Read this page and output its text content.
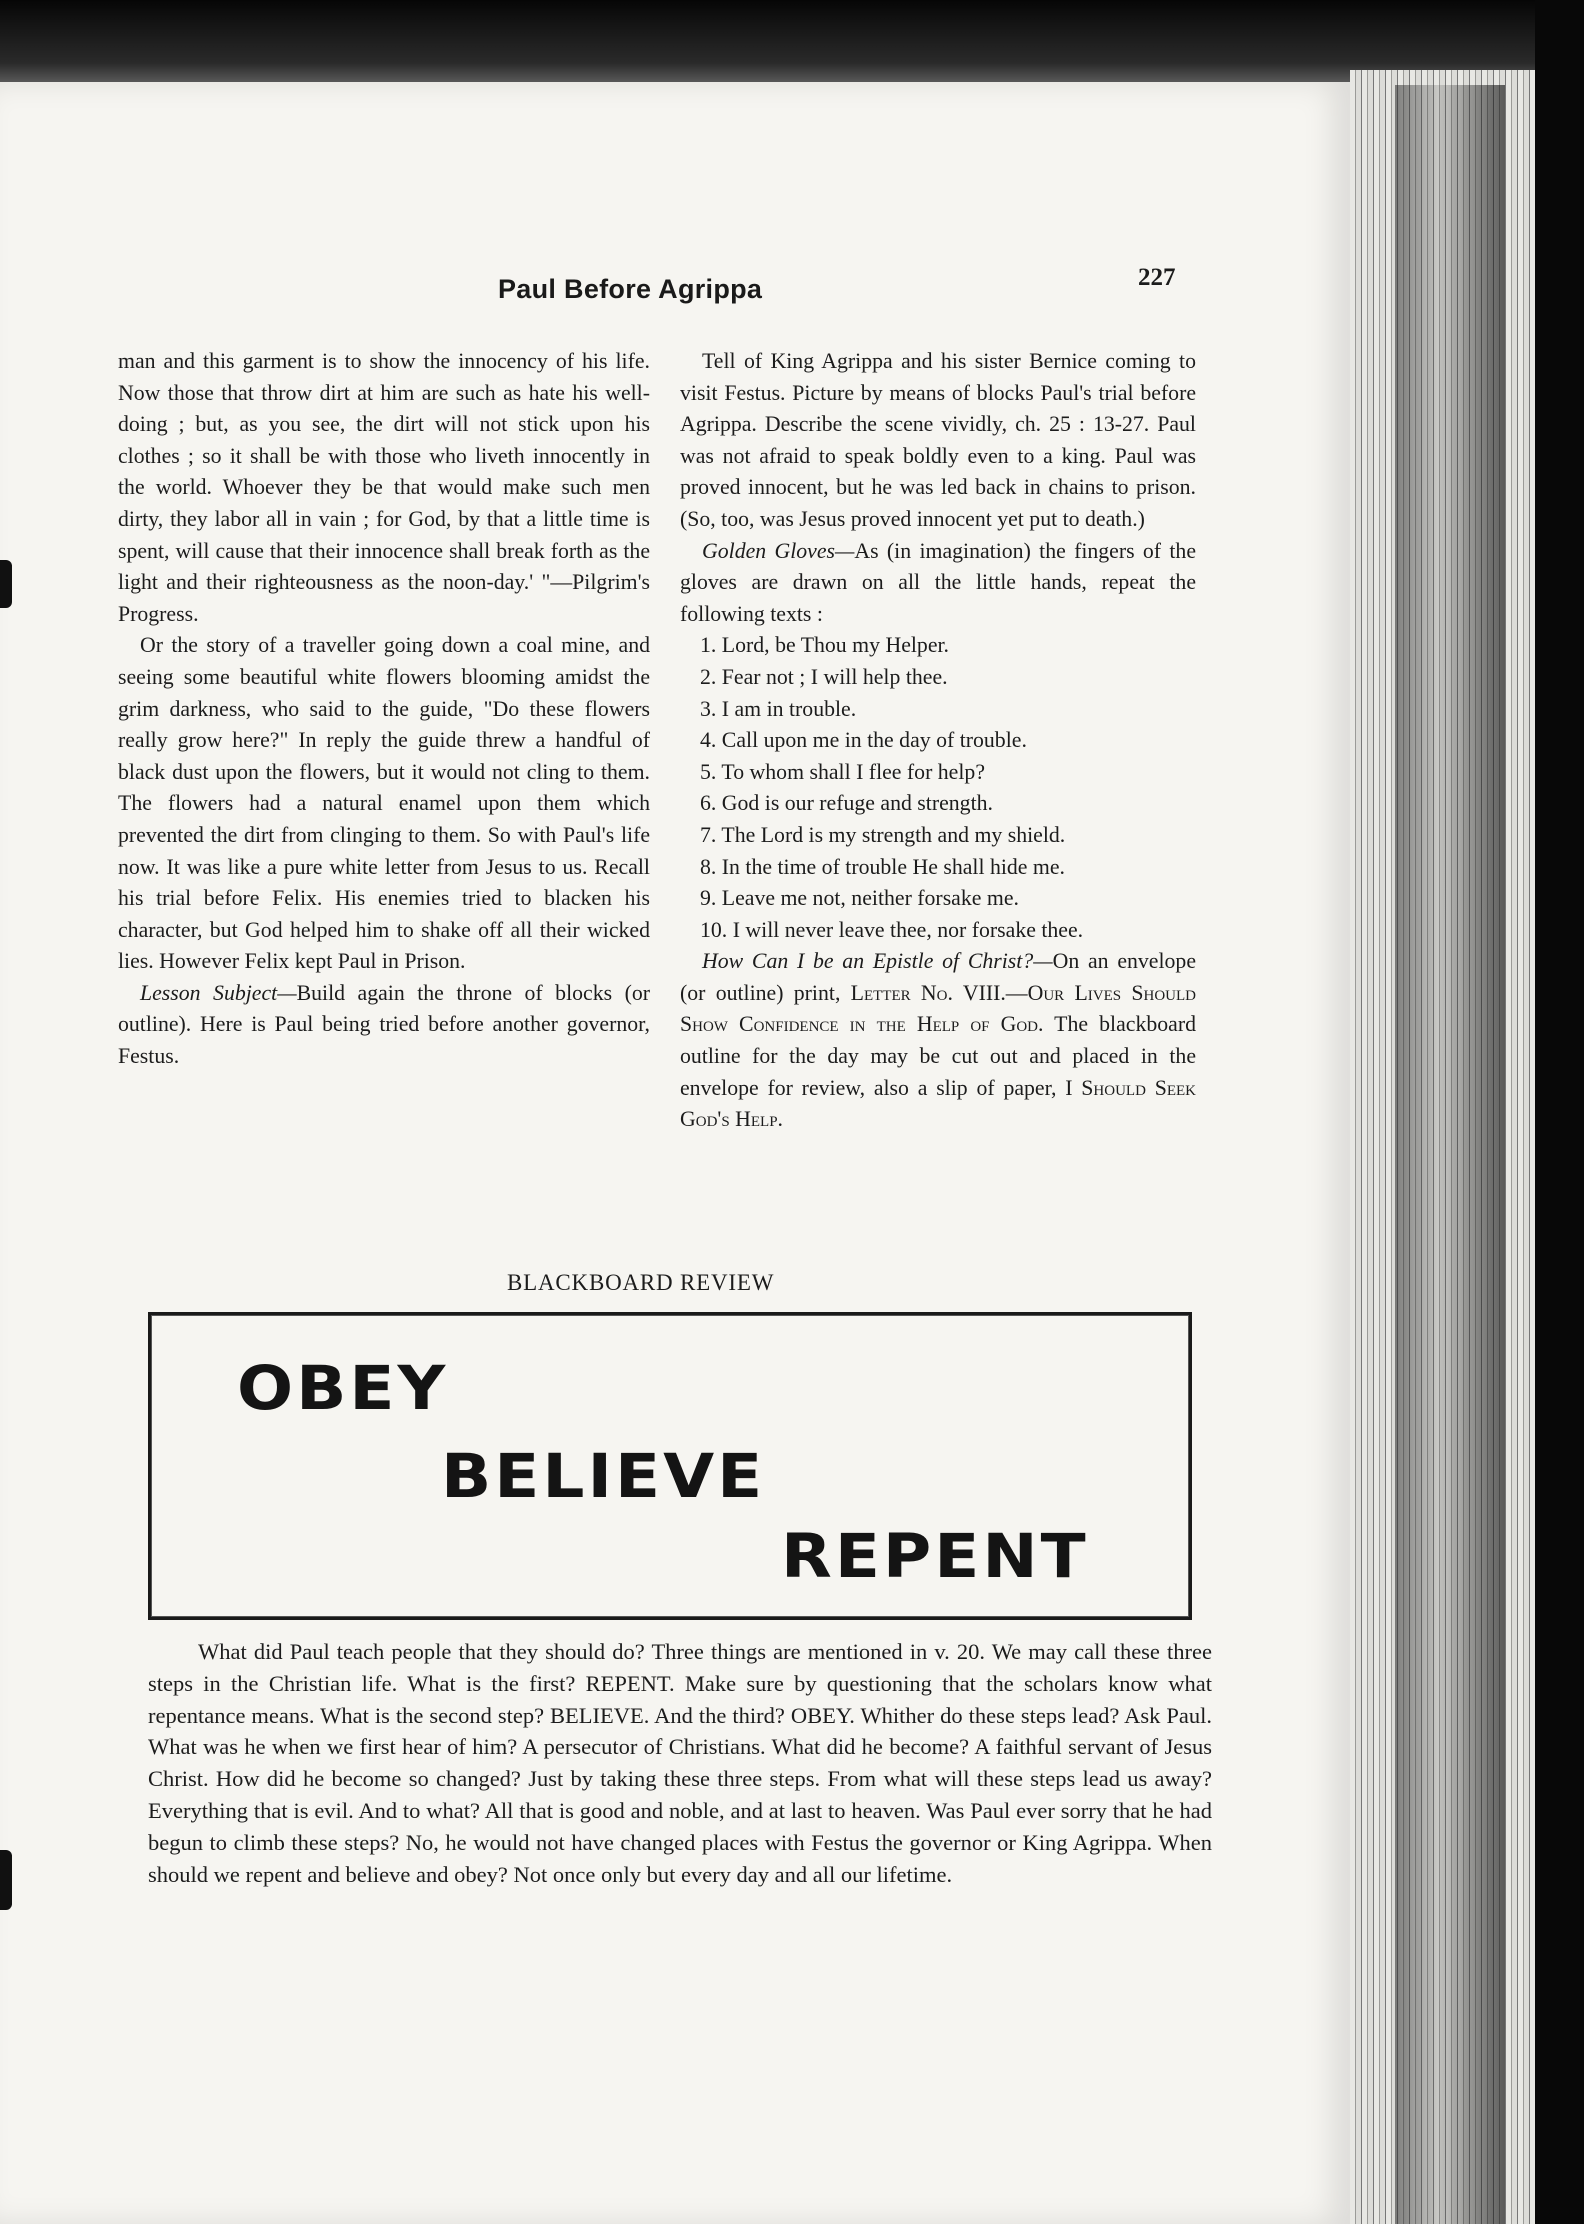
Paul Before Agrippa	227

man and this garment is to show the innocency of his life. Now those that throw dirt at him are such as hate his well-doing ; but, as you see, the dirt will not stick upon his clothes ; so it shall be with those who liveth innocently in the world. Whoever they be that would make such men dirty, they labor all in vain ; for God, by that a little time is spent, will cause that their innocence shall break forth as the light and their righteousness as the noon-day.' "—Pilgrim's Progress.

Or the story of a traveller going down a coal mine, and seeing some beautiful white flowers blooming amidst the grim darkness, who said to the guide, "Do these flowers really grow here?" In reply the guide threw a handful of black dust upon the flowers, but it would not cling to them. The flowers had a natural enamel upon them which prevented the dirt from clinging to them. So with Paul's life now. It was like a pure white letter from Jesus to us. Recall his trial before Felix. His enemies tried to blacken his character, but God helped him to shake off all their wicked lies. However Felix kept Paul in Prison.

Lesson Subject—Build again the throne of blocks (or outline). Here is Paul being tried before another governor, Festus.

Tell of King Agrippa and his sister Bernice coming to visit Festus. Picture by means of blocks Paul's trial before Agrippa. Describe the scene vividly, ch. 25 : 13-27. Paul was not afraid to speak boldly even to a king. Paul was proved innocent, but he was led back in chains to prison. (So, too, was Jesus proved innocent yet put to death.)

Golden Gloves—As (in imagination) the fingers of the gloves are drawn on all the little hands, repeat the following texts :

1. Lord, be Thou my Helper.
2. Fear not ; I will help thee.
3. I am in trouble.
4. Call upon me in the day of trouble.
5. To whom shall I flee for help?
6. God is our refuge and strength.
7. The Lord is my strength and my shield.
8. In the time of trouble He shall hide me.
9. Leave me not, neither forsake me.
10. I will never leave thee, nor forsake thee.

How Can I be an Epistle of Christ?—On an envelope (or outline) print, Letter No. VIII.—Our Lives Should Show Confidence in the Help of God. The blackboard outline for the day may be cut out and placed in the envelope for review, also a slip of paper, I Should Seek God's Help.

BLACKBOARD REVIEW
OBEY
BELIEVE
REPENT

What did Paul teach people that they should do? Three things are mentioned in v. 20. We may call these three steps in the Christian life. What is the first? REPENT. Make sure by questioning that the scholars know what repentance means. What is the second step? BELIEVE. And the third? OBEY. Whither do these steps lead? Ask Paul. What was he when we first hear of him? A persecutor of Christians. What did he become? A faithful servant of Jesus Christ. How did he become so changed? Just by taking these three steps. From what will these steps lead us away? Everything that is evil. And to what? All that is good and noble, and at last to heaven. Was Paul ever sorry that he had begun to climb these steps? No, he would not have changed places with Festus the governor or King Agrippa. When should we repent and believe and obey? Not once only but every day and all our lifetime.
